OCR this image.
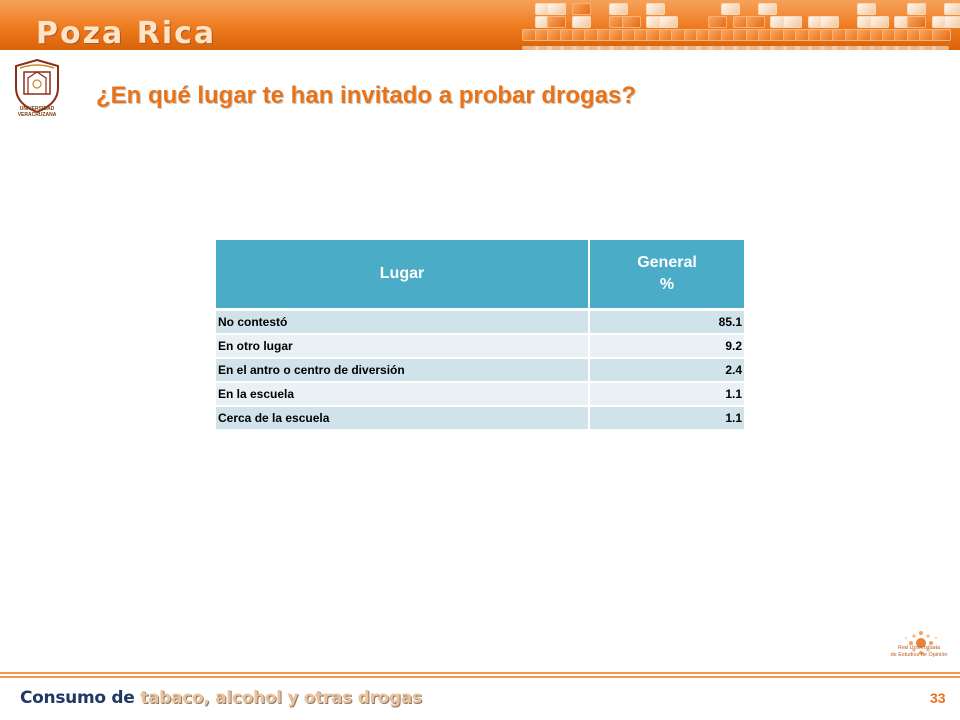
Poza Rica
UNIVERSIDAD VERACRUZANA
¿En qué lugar te han invitado a probar drogas?
Lugar	General
%
No contestó	85.1
En otro lugar	9.2
En el antro o centro de diversión	2.4
En la escuela	1.1
Cerca de la escuela	1.1
Red Universitaria
de Estudios de Opinión
Consumo de tabaco, alcohol y otras drogas	33
